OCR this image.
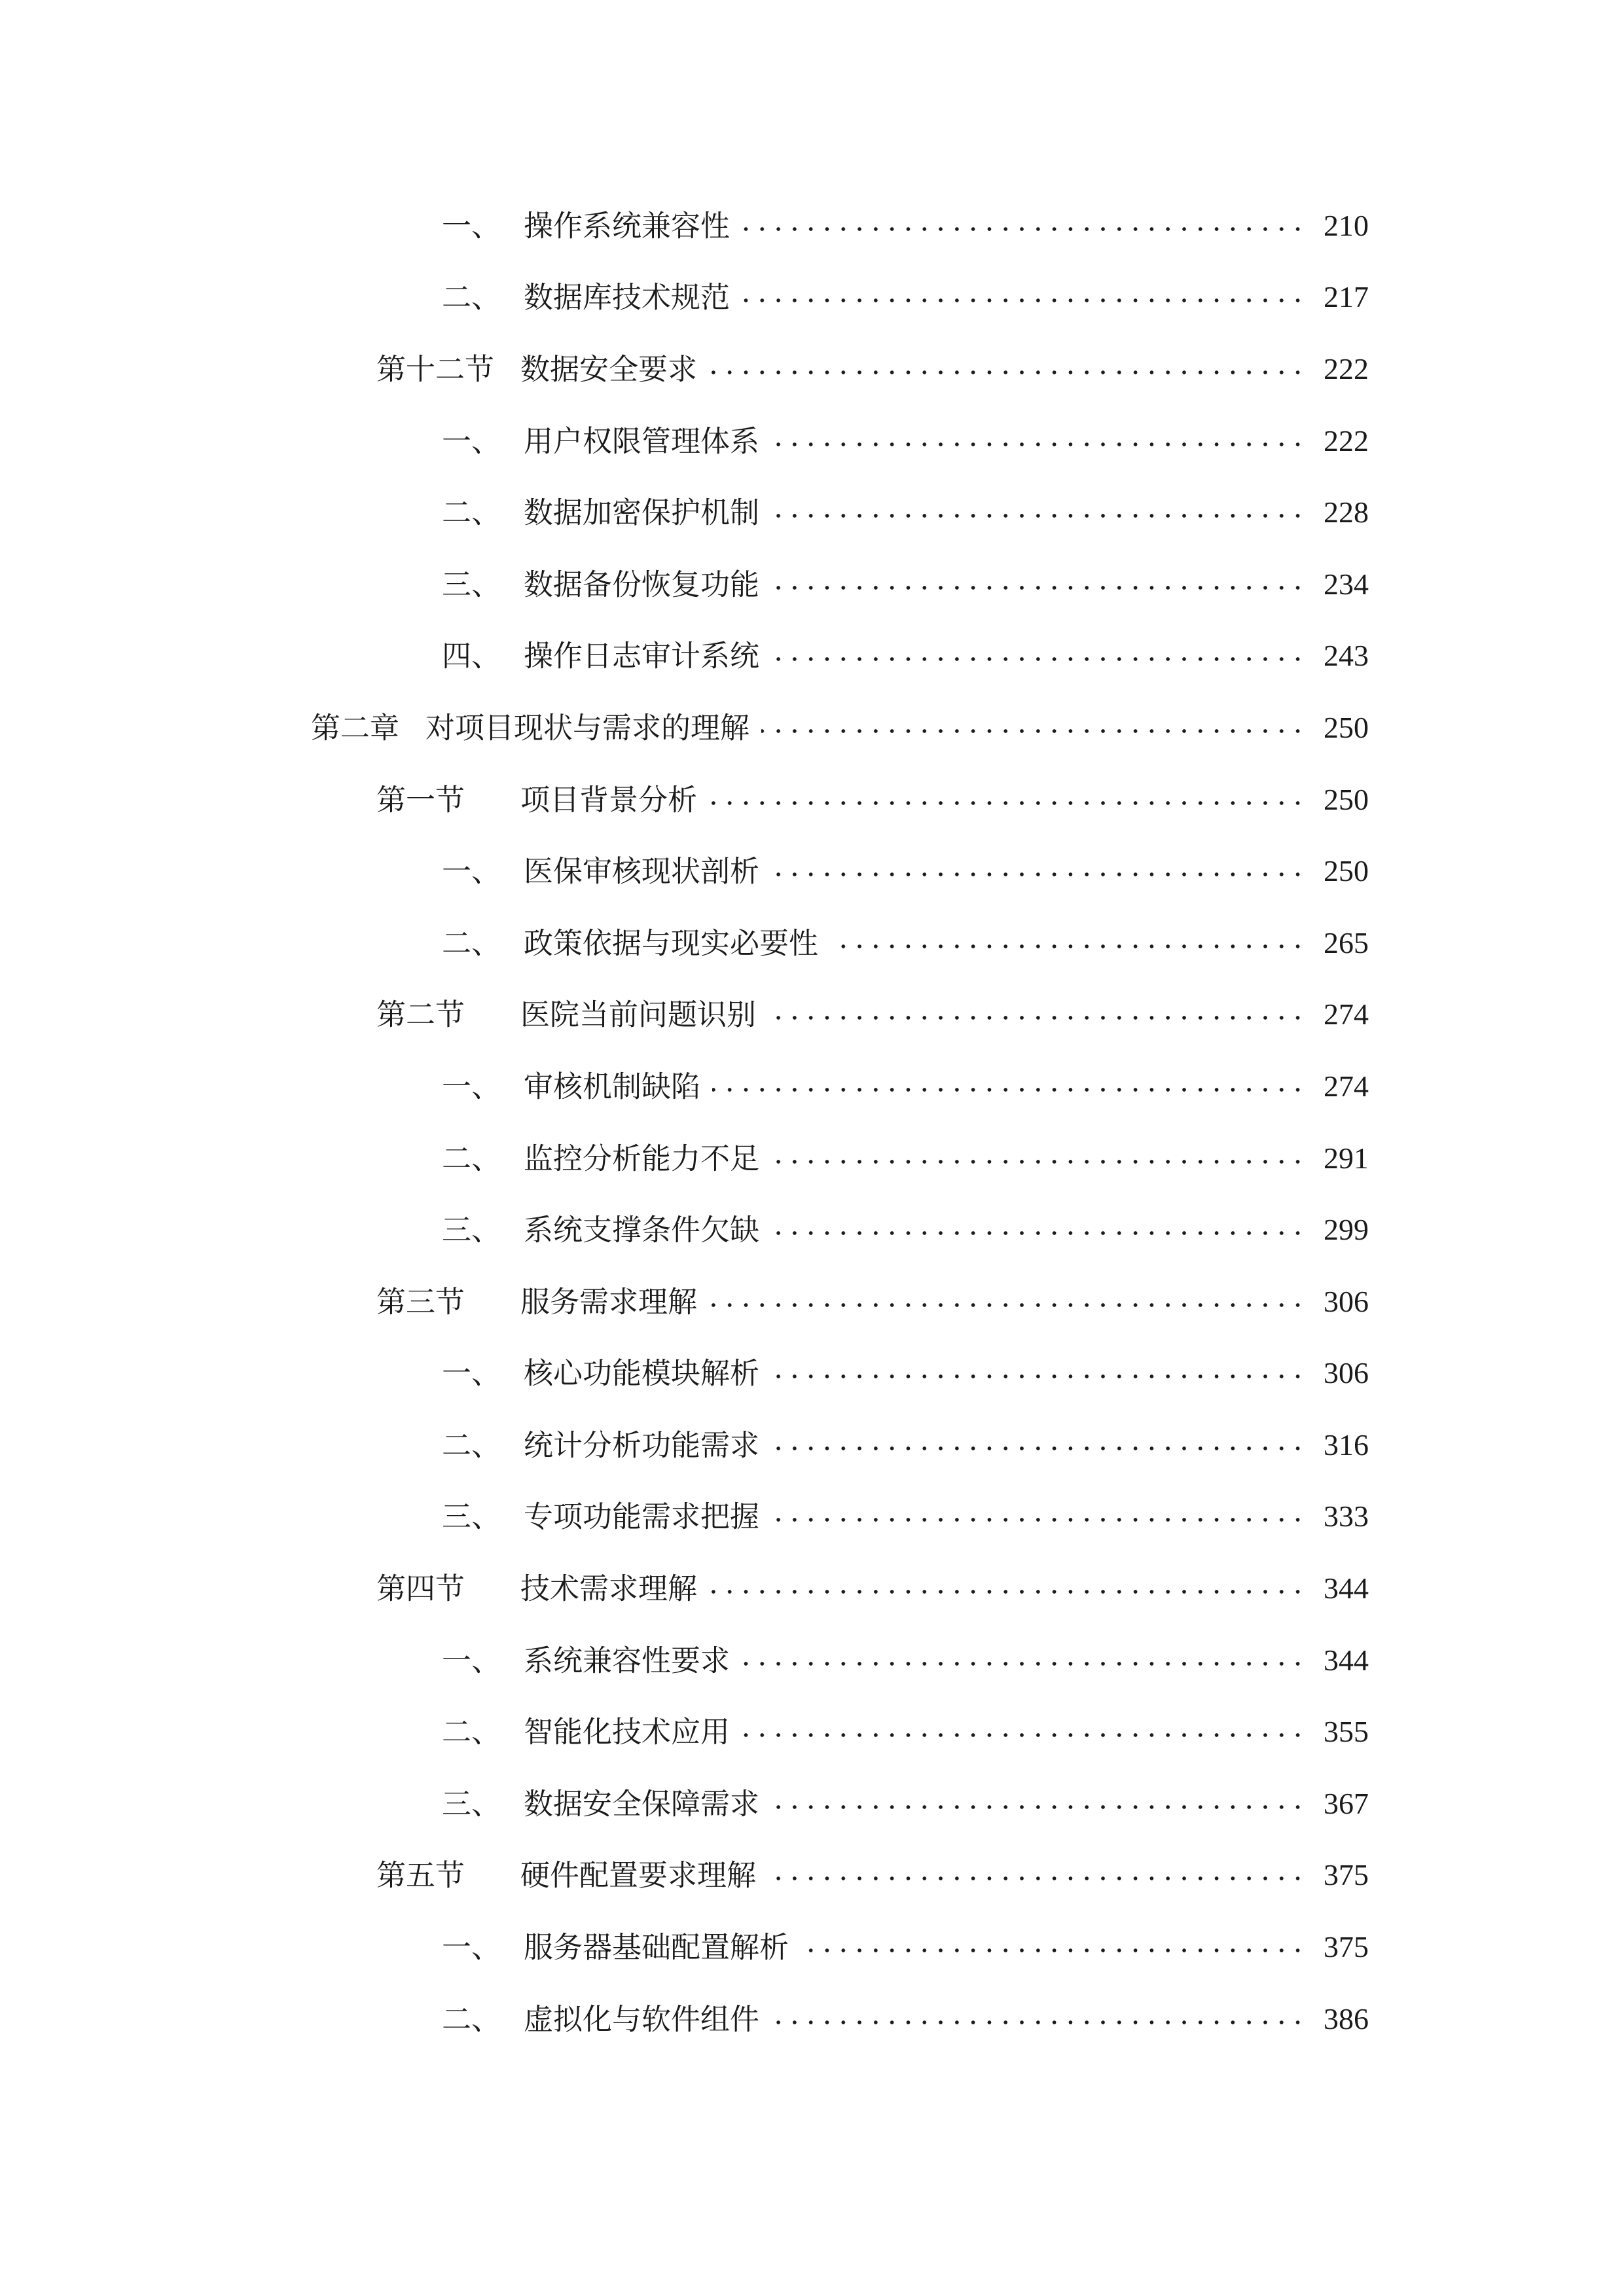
一、 操作系统兼容性	210
二、 数据库技术规范	217
第十二节 数据安全要求	222
一、 用户权限管理体系	222
二、 数据加密保护机制	228
三、 数据备份恢复功能	234
四、 操作日志审计系统	243
第二章 对项目现状与需求的理解	250
第一节 项目背景分析	250
一、 医保审核现状剖析	250
二、 政策依据与现实必要性	265
第二节 医院当前问题识别	274
一、 审核机制缺陷	274
二、 监控分析能力不足	291
三、 系统支撑条件欠缺	299
第三节 服务需求理解	306
一、 核心功能模块解析	306
二、 统计分析功能需求	316
三、 专项功能需求把握	333
第四节 技术需求理解	344
一、 系统兼容性要求	344
二、 智能化技术应用	355
三、 数据安全保障需求	367
第五节 硬件配置要求理解	375
一、 服务器基础配置解析	375
二、 虚拟化与软件组件	386
